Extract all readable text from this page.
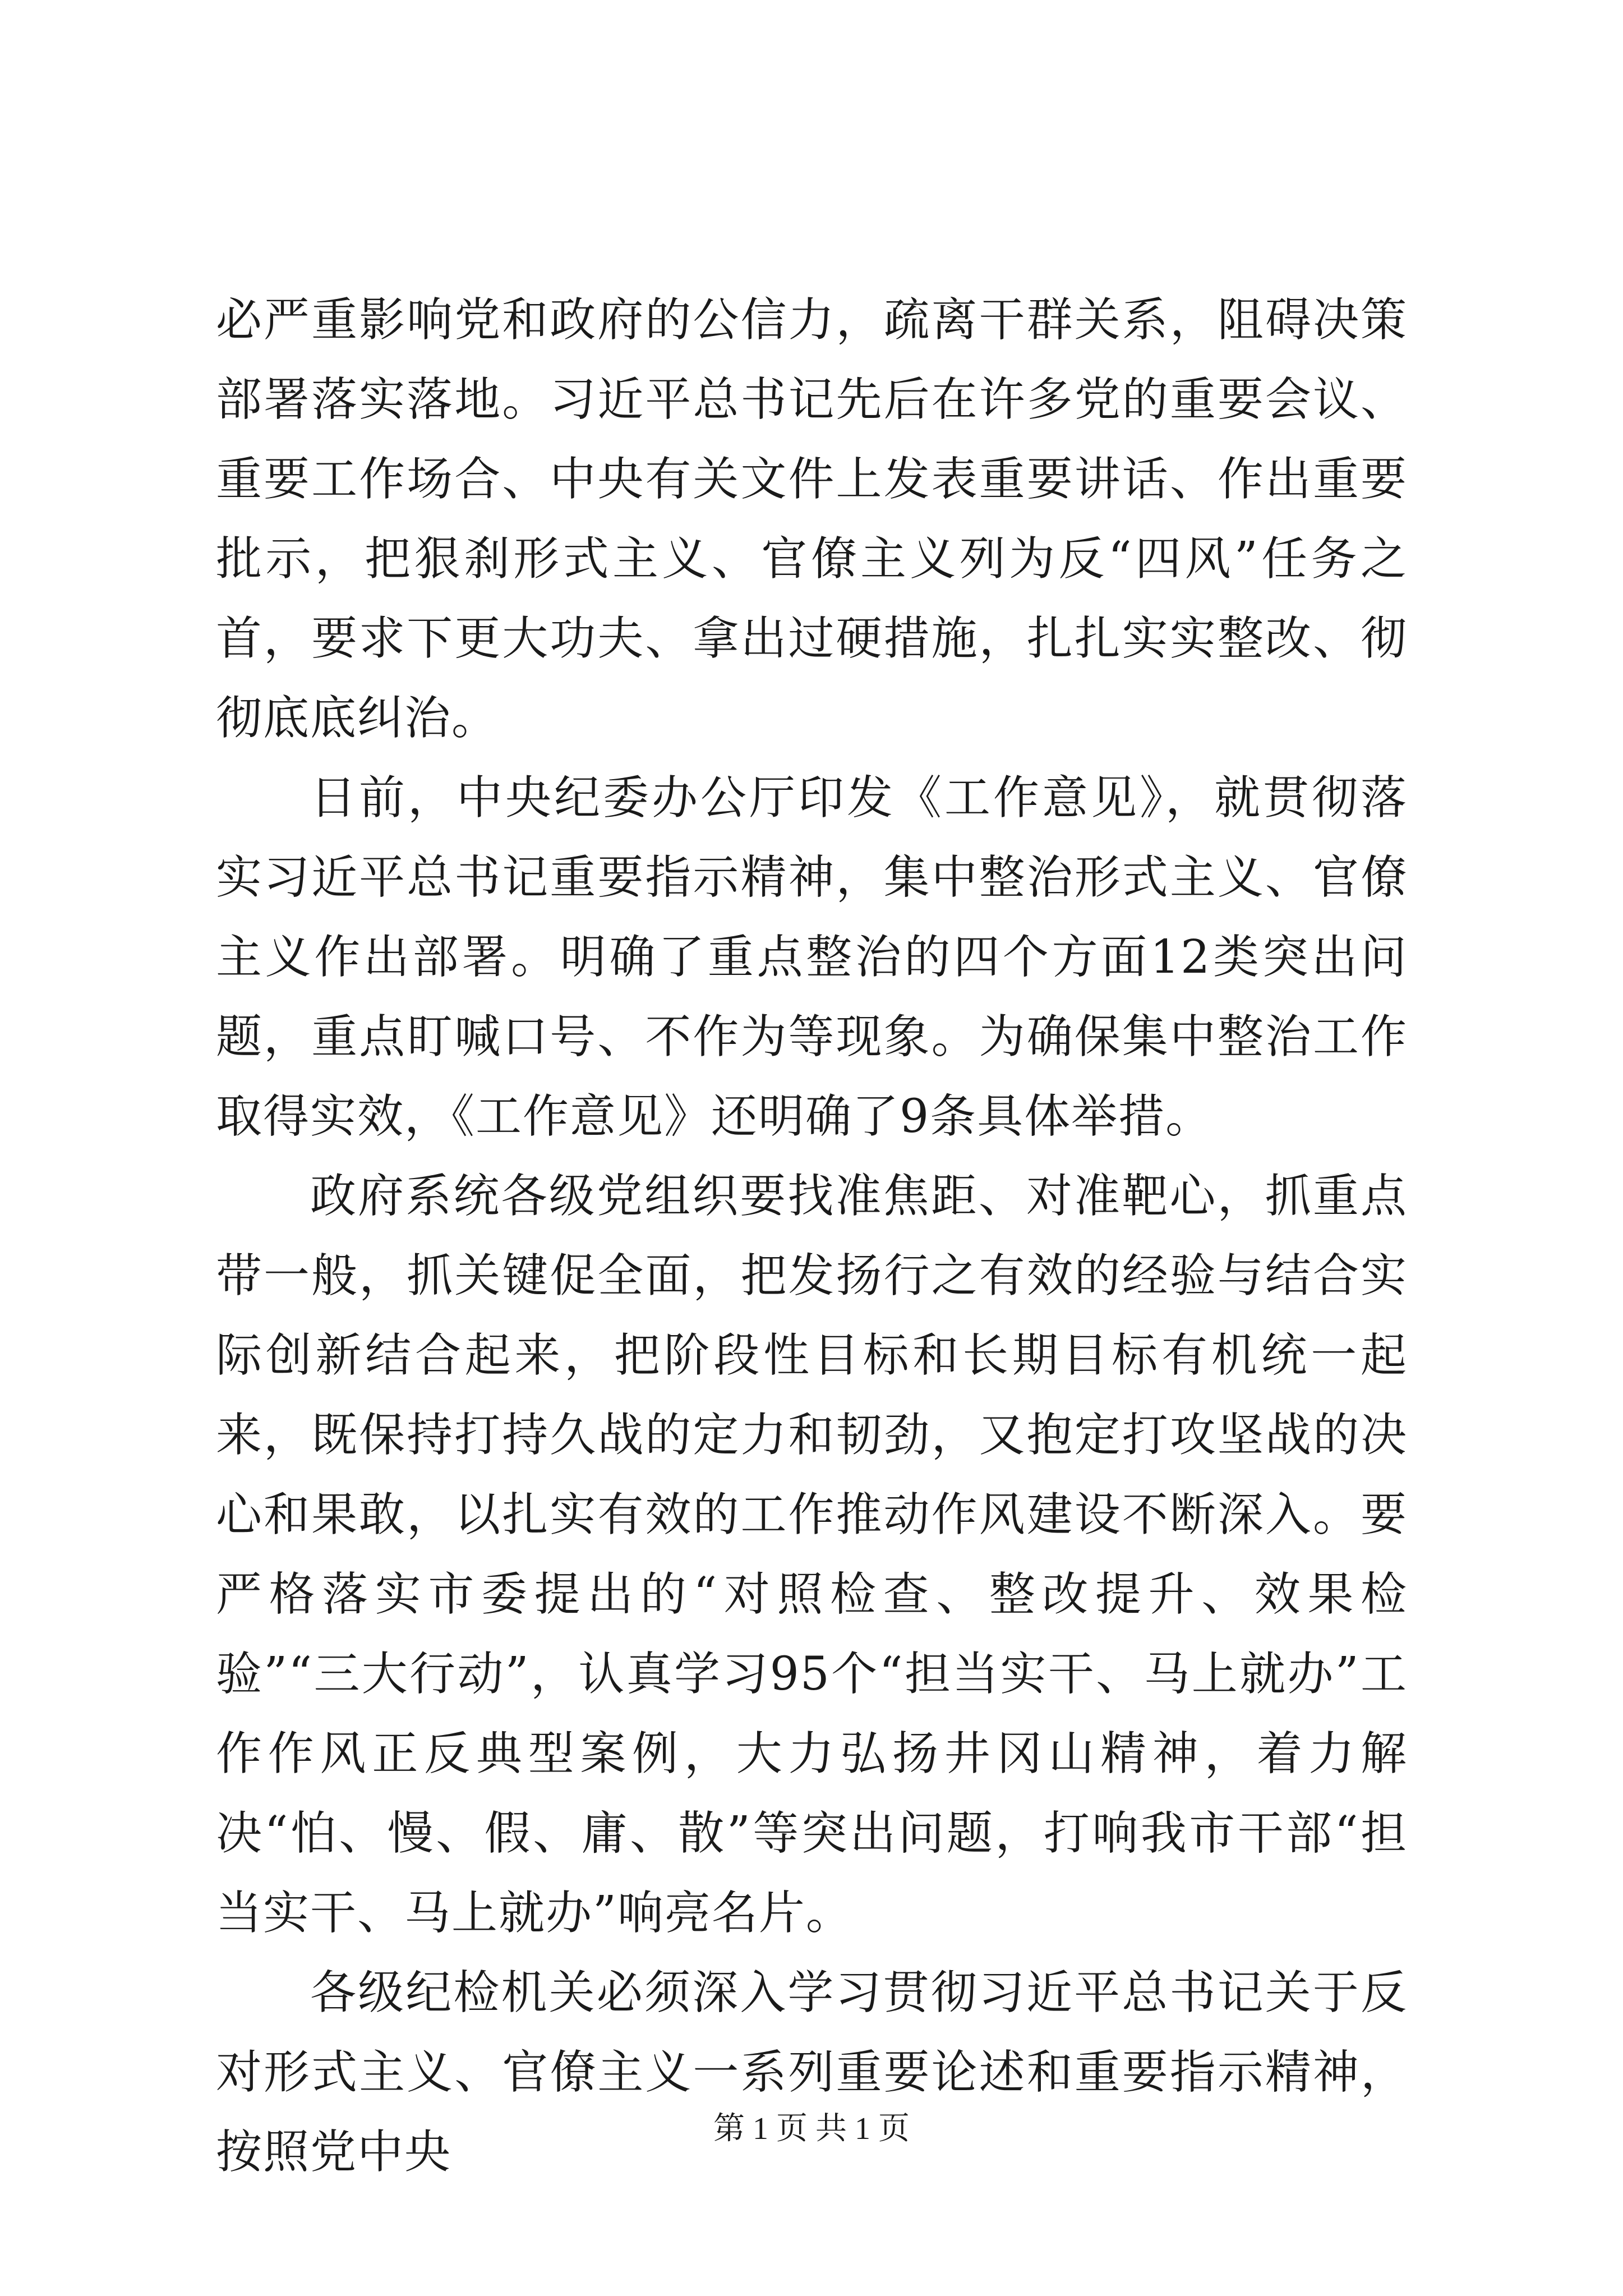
必严重影响党和政府的公信力，疏离干群关系，阻碍决策部署落实落地。习近平总书记先后在许多党的重要会议、重要工作场合、中央有关文件上发表重要讲话、作出重要批示，把狠刹形式主义、官僚主义列为反“四风”任务之首，要求下更大功夫、拿出过硬措施，扎扎实实整改、彻彻底底纠治。

日前，中央纪委办公厅印发《工作意见》，就贯彻落实习近平总书记重要指示精神，集中整治形式主义、官僚主义作出部署。明确了重点整治的四个方面12类突出问题，重点盯喊口号、不作为等现象。为确保集中整治工作取得实效，《工作意见》还明确了9条具体举措。

政府系统各级党组织要找准焦距、对准靶心，抓重点带一般，抓关键促全面，把发扬行之有效的经验与结合实际创新结合起来，把阶段性目标和长期目标有机统一起来，既保持打持久战的定力和韧劲，又抱定打攻坚战的决心和果敢，以扎实有效的工作推动作风建设不断深入。要严格落实市委提出的“对照检查、整改提升、效果检验”“三大行动”，认真学习95个“担当实干、马上就办”工作作风正反典型案例，大力弘扬井冈山精神，着力解决“怕、慢、假、庸、散”等突出问题，打响我市干部“担当实干、马上就办”响亮名片。

各级纪检机关必须深入学习贯彻习近平总书记关于反对形式主义、官僚主义一系列重要论述和重要指示精神，按照党中央	第 1 页 共 1 页
